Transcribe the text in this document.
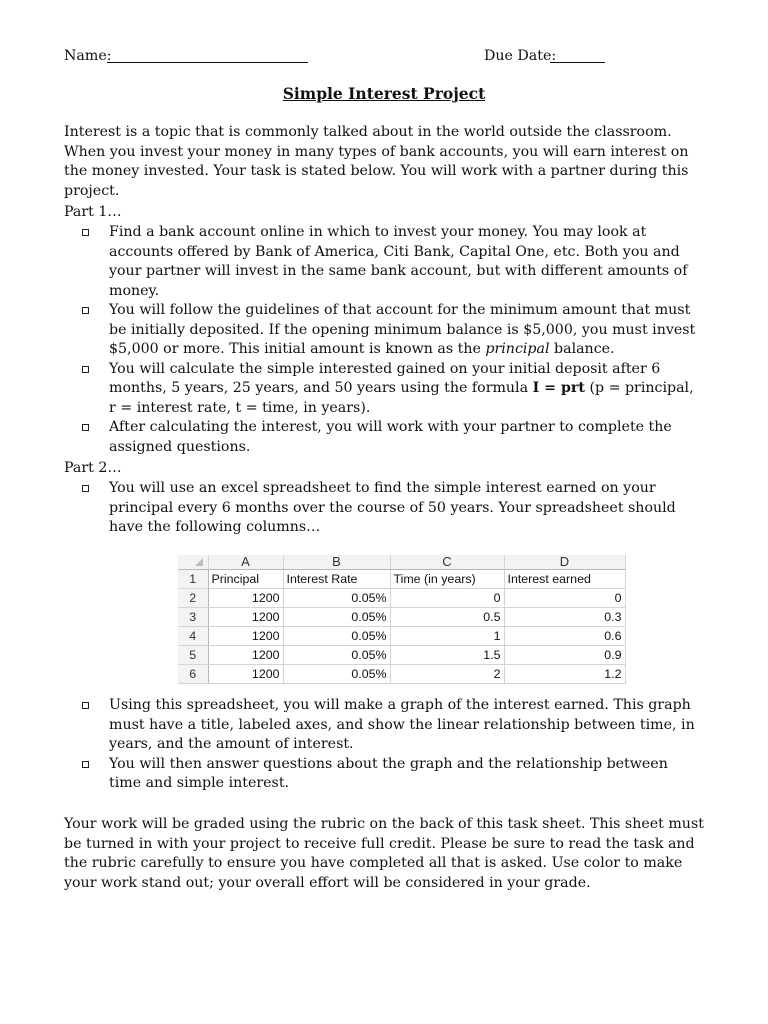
Name:	Due Date:
Simple Interest Project

Interest is a topic that is commonly talked about in the world outside the classroom. When you invest your money in many types of bank accounts, you will earn interest on the money invested. Your task is stated below. You will work with a partner during this project.

Part 1…

Find a bank account online in which to invest your money. You may look at accounts offered by Bank of America, Citi Bank, Capital One, etc. Both you and your partner will invest in the same bank account, but with different amounts of money.
You will follow the guidelines of that account for the minimum amount that must be initially deposited. If the opening minimum balance is $5,000, you must invest $5,000 or more. This initial amount is known as the principal balance.
You will calculate the simple interested gained on your initial deposit after 6 months, 5 years, 25 years, and 50 years using the formula I = prt (p = principal, r = interest rate, t = time, in years).
After calculating the interest, you will work with your partner to complete the assigned questions.

Part 2…

You will use an excel spreadsheet to find the simple interest earned on your principal every 6 months over the course of 50 years. Your spreadsheet should have the following columns…
	A	B	C	D
1	Principal	Interest Rate	Time (in years)	Interest earned
2	1200	0.05%	0	0
3	1200	0.05%	0.5	0.3
4	1200	0.05%	1	0.6
5	1200	0.05%	1.5	0.9
6	1200	0.05%	2	1.2
Using this spreadsheet, you will make a graph of the interest earned. This graph must have a title, labeled axes, and show the linear relationship between time, in years, and the amount of interest.
You will then answer questions about the graph and the relationship between time and simple interest.

Your work will be graded using the rubric on the back of this task sheet. This sheet must be turned in with your project to receive full credit. Please be sure to read the task and the rubric carefully to ensure you have completed all that is asked. Use color to make your work stand out; your overall effort will be considered in your grade.
